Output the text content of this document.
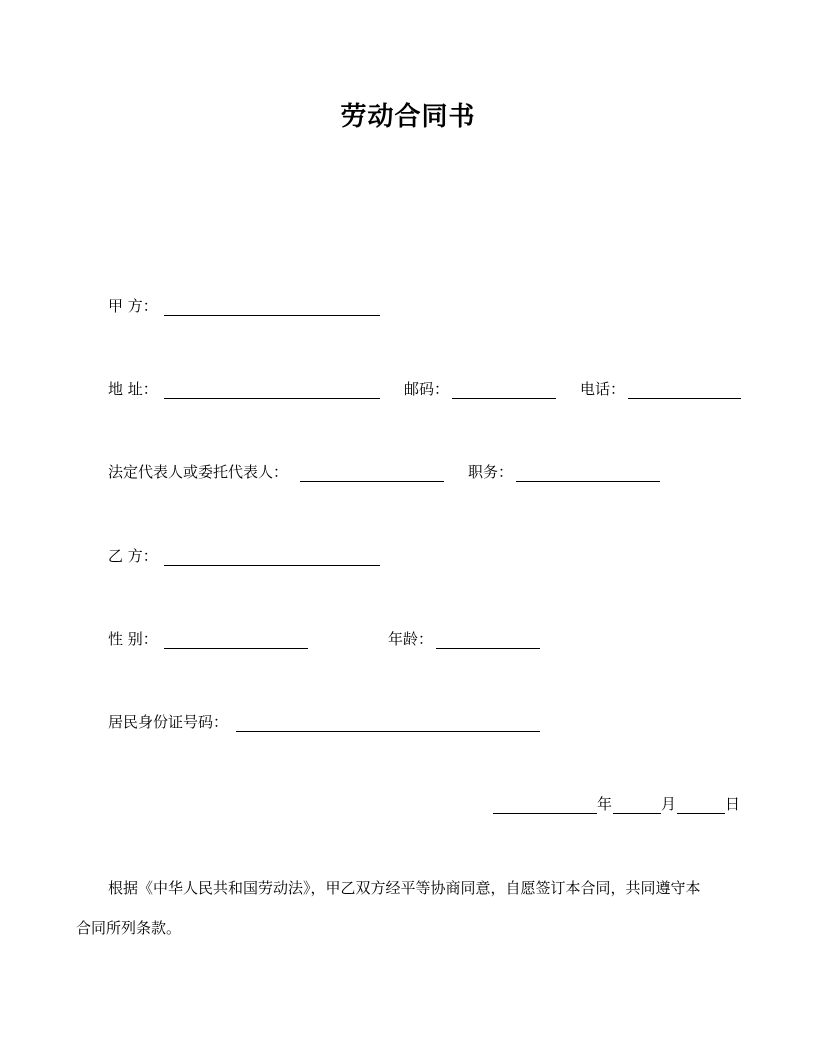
劳动合同书
甲 方：
地 址：	邮码：	电话：
法定代表人或委托代表人：	职务：
乙 方：
性 别：	年龄：
居民身份证号码：
年	月	日
根据《中华人民共和国劳动法》，甲乙双方经平等协商同意，自愿签订本合同，共同遵守本
合同所列条款。
